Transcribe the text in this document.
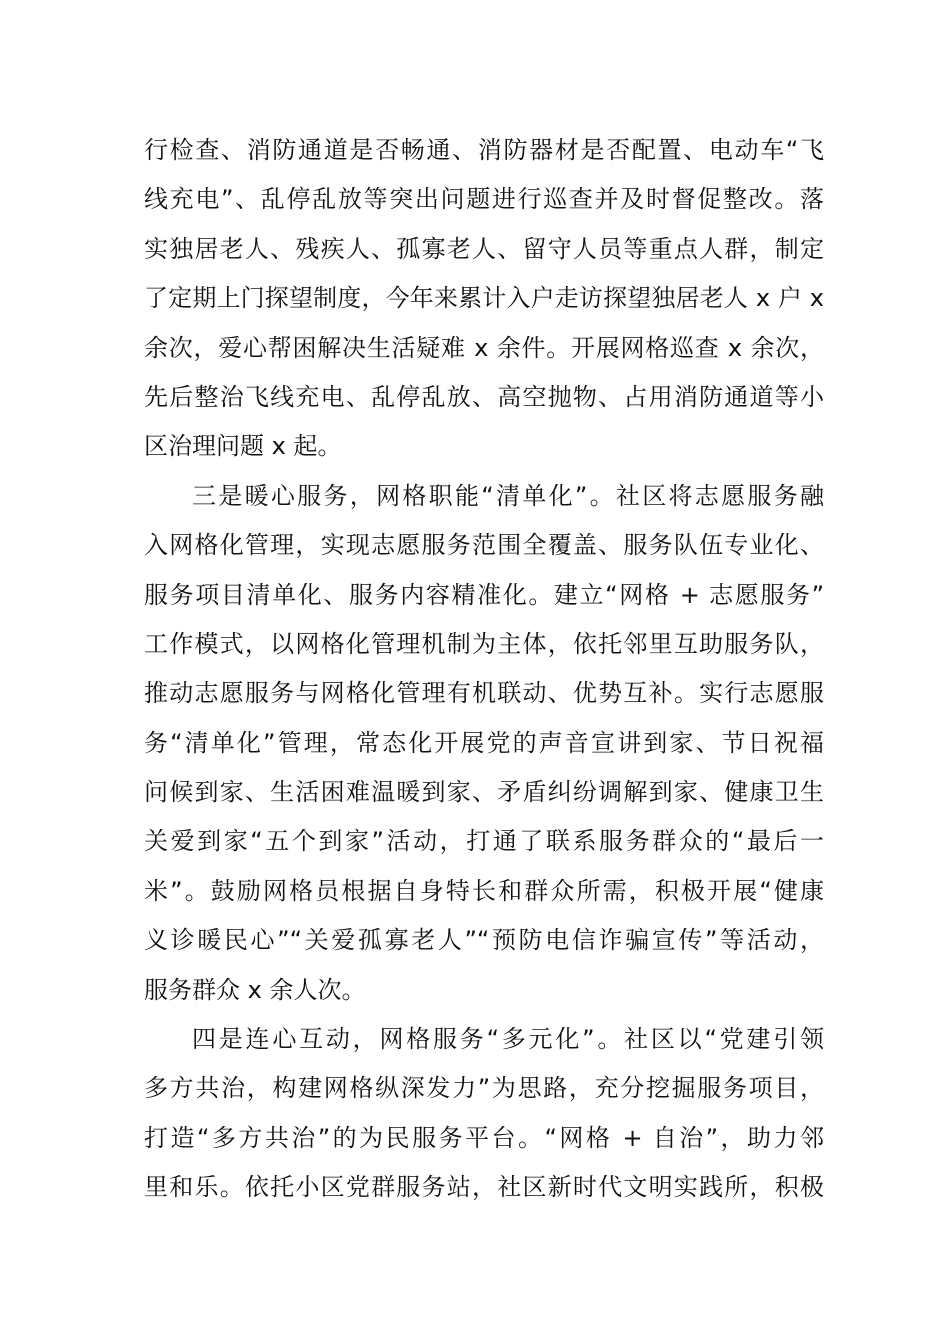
行检查、消防通道是否畅通、消防器材是否配置、电动车“飞
线充电”、乱停乱放等突出问题进行巡查并及时督促整改。落
实独居老人、残疾人、孤寡老人、留守人员等重点人群，制定
了定期上门探望制度，今年来累计入户走访探望独居老人 x 户 x
余次，爱心帮困解决生活疑难 x 余件。开展网格巡查 x 余次，
先后整治飞线充电、乱停乱放、高空抛物、占用消防通道等小
区治理问题 x 起。
三是暖心服务，网格职能“清单化”。社区将志愿服务融
入网格化管理，实现志愿服务范围全覆盖、服务队伍专业化、
服务项目清单化、服务内容精准化。建立“网格 + 志愿服务”
工作模式，以网格化管理机制为主体，依托邻里互助服务队，
推动志愿服务与网格化管理有机联动、优势互补。实行志愿服
务“清单化”管理，常态化开展党的声音宣讲到家、节日祝福
问候到家、生活困难温暖到家、矛盾纠纷调解到家、健康卫生
关爱到家“五个到家”活动，打通了联系服务群众的“最后一
米”。鼓励网格员根据自身特长和群众所需，积极开展“健康
义诊暖民心”“关爱孤寡老人”“预防电信诈骗宣传”等活动，
服务群众 x 余人次。
四是连心互动，网格服务“多元化”。社区以“党建引领
多方共治，构建网格纵深发力”为思路，充分挖掘服务项目，
打造“多方共治”的为民服务平台。“网格 + 自治”，助力邻
里和乐。依托小区党群服务站，社区新时代文明实践所，积极
